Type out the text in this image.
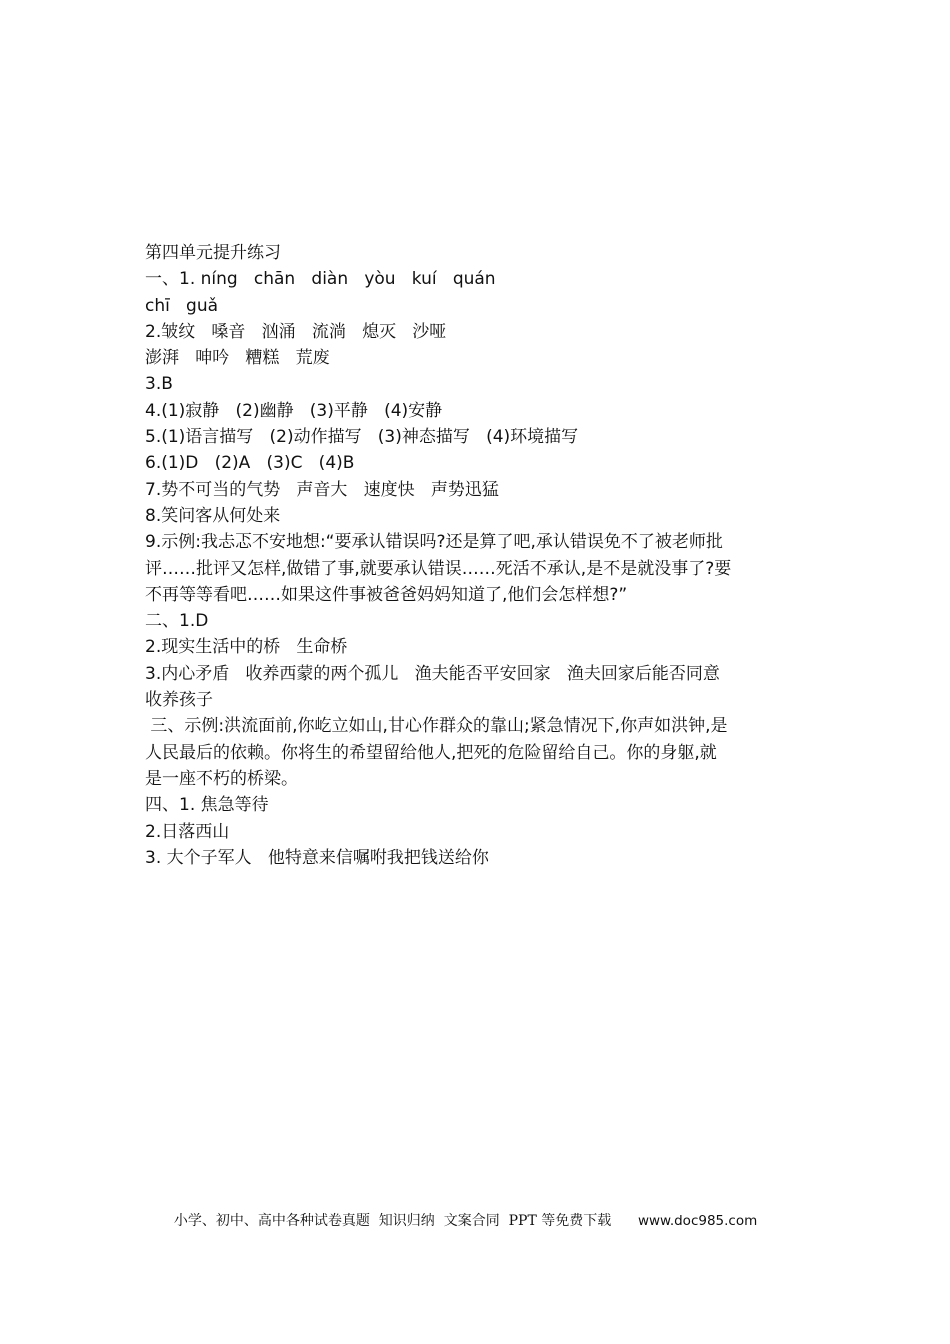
第四单元提升练习

一、1. níng   chān   diàn   yòu   kuí   quán

chī   guǎ

2.皱纹   嗓音   汹涌   流淌   熄灭   沙哑

澎湃   呻吟   糟糕   荒废

3.B

4.(1)寂静   (2)幽静   (3)平静   (4)安静

5.(1)语言描写   (2)动作描写   (3)神态描写   (4)环境描写

6.(1)D   (2)A   (3)C   (4)B

7.势不可当的气势   声音大   速度快   声势迅猛

8.笑问客从何处来

9.示例:我忐忑不安地想:“要承认错误吗?还是算了吧,承认错误免不了被老师批

评……批评又怎样,做错了事,就要承认错误……死活不承认,是不是就没事了?要

不再等等看吧……如果这件事被爸爸妈妈知道了,他们会怎样想?”

二、1.D

2.现实生活中的桥   生命桥

3.内心矛盾   收养西蒙的两个孤儿   渔夫能否平安回家   渔夫回家后能否同意

收养孩子

三、示例:洪流面前,你屹立如山,甘心作群众的靠山;紧急情况下,你声如洪钟,是

人民最后的依赖。你将生的希望留给他人,把死的危险留给自己。你的身躯,就

是一座不朽的桥梁。

四、1. 焦急等待

2.日落西山

3. 大个子军人   他特意来信嘱咐我把钱送给你

小学、初中、高中各种试卷真题  知识归纳  文案合同  PPT 等免费下载 www.doc985.com
